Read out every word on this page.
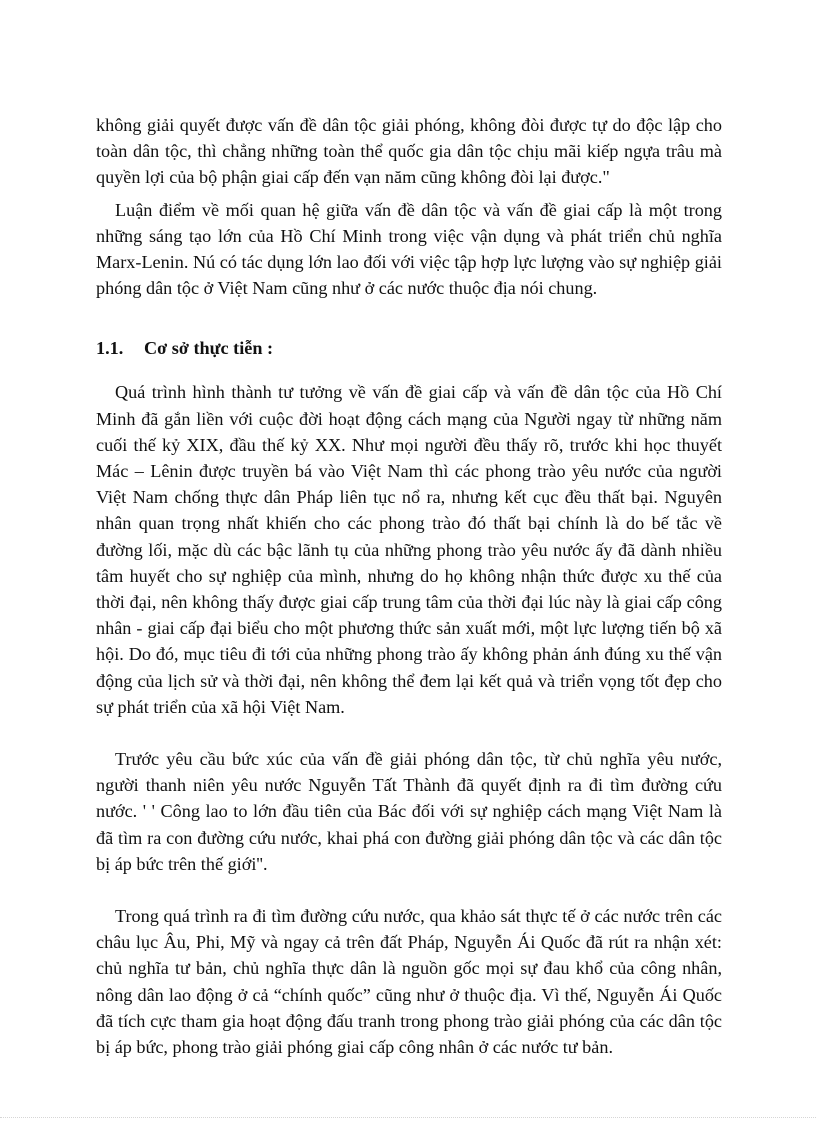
không giải quyết được vấn đề dân tộc giải phóng, không đòi được tự do độc lập cho toàn dân tộc, thì chẳng những toàn thể quốc gia dân tộc chịu mãi kiếp ngựa trâu mà quyền lợi của bộ phận giai cấp đến vạn năm cũng không đòi lại được."

Luận điểm về mối quan hệ giữa vấn đề dân tộc và vấn đề giai cấp là một trong những sáng tạo lớn của Hồ Chí Minh trong việc vận dụng và phát triển chủ nghĩa Marx-Lenin. Nú có tác dụng lớn lao đối với việc tập hợp lực lượng vào sự nghiệp giải phóng dân tộc ở Việt Nam cũng như ở các nước thuộc địa nói chung.

1.1. Cơ sở thực tiễn :

Quá trình hình thành tư tưởng về vấn đề giai cấp và vấn đề dân tộc của Hồ Chí Minh đã gắn liền với cuộc đời hoạt động cách mạng của Người ngay từ những năm cuối thế kỷ XIX, đầu thế kỷ XX. Như mọi người đều thấy rõ, trước khi học thuyết Mác – Lênin được truyền bá vào Việt Nam thì các phong trào yêu nước của người Việt Nam chống thực dân Pháp liên tục nổ ra, nhưng kết cục đều thất bại. Nguyên nhân quan trọng nhất khiến cho các phong trào đó thất bại chính là do bế tắc về đường lối, mặc dù các bậc lãnh tụ của những phong trào yêu nước ấy đã dành nhiều tâm huyết cho sự nghiệp của mình, nhưng do họ không nhận thức được xu thế của thời đại, nên không thấy được giai cấp trung tâm của thời đại lúc này là giai cấp công nhân - giai cấp đại biểu cho một phương thức sản xuất mới, một lực lượng tiến bộ xã hội. Do đó, mục tiêu đi tới của những phong trào ấy không phản ánh đúng xu thế vận động của lịch sử và thời đại, nên không thể đem lại kết quả và triển vọng tốt đẹp cho sự phát triển của xã hội Việt Nam.

Trước yêu cầu bức xúc của vấn đề giải phóng dân tộc, từ chủ nghĩa yêu nước, người thanh niên yêu nước Nguyễn Tất Thành đã quyết định ra đi tìm đường cứu nước. ' ' Công lao to lớn đầu tiên của Bác đối với sự nghiệp cách mạng Việt Nam là đã tìm ra con đường cứu nước, khai phá con đường giải phóng dân tộc và các dân tộc bị áp bức trên thế giới''.

Trong quá trình ra đi tìm đường cứu nước, qua khảo sát thực tế ở các nước trên các châu lục Âu, Phi, Mỹ và ngay cả trên đất Pháp, Nguyễn Ái Quốc đã rút ra nhận xét: chủ nghĩa tư bản, chủ nghĩa thực dân là nguồn gốc mọi sự đau khổ của công nhân, nông dân lao động ở cả “chính quốc” cũng như ở thuộc địa. Vì thế, Nguyễn Ái Quốc đã tích cực tham gia hoạt động đấu tranh trong phong trào giải phóng của các dân tộc bị áp bức, phong trào giải phóng giai cấp công nhân ở các nước tư bản.
